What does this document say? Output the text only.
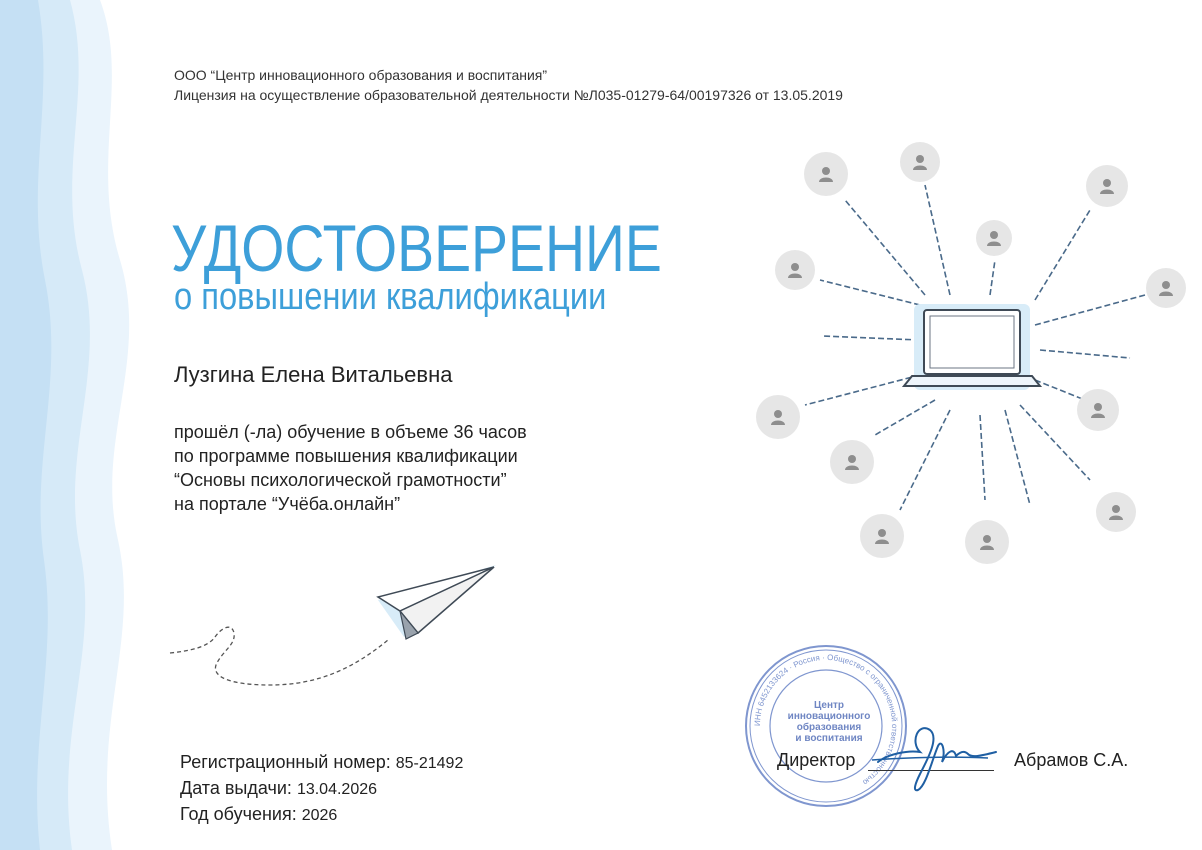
ООО “Центр инновационного образования и воспитания”
Лицензия на осуществление образовательной деятельности №Л035-01279-64/00197326 от 13.05.2019
УДОСТОВЕРЕНИЕ
о повышении квалификации
Лузгина Елена Витальевна
прошёл (-ла) обучение в объеме 36 часов
по программе повышения квалификации
“Основы психологической грамотности”
на портале “Учёба.онлайн”
Регистрационный номер: 85-21492
Дата выдачи: 13.04.2026
Год обучения: 2026
ИНН 6452133624 · Россия · Общество с ограниченной ответственностью
Центр
инновационного
образования
и воспитания
Директор	Абрамов С.А.
